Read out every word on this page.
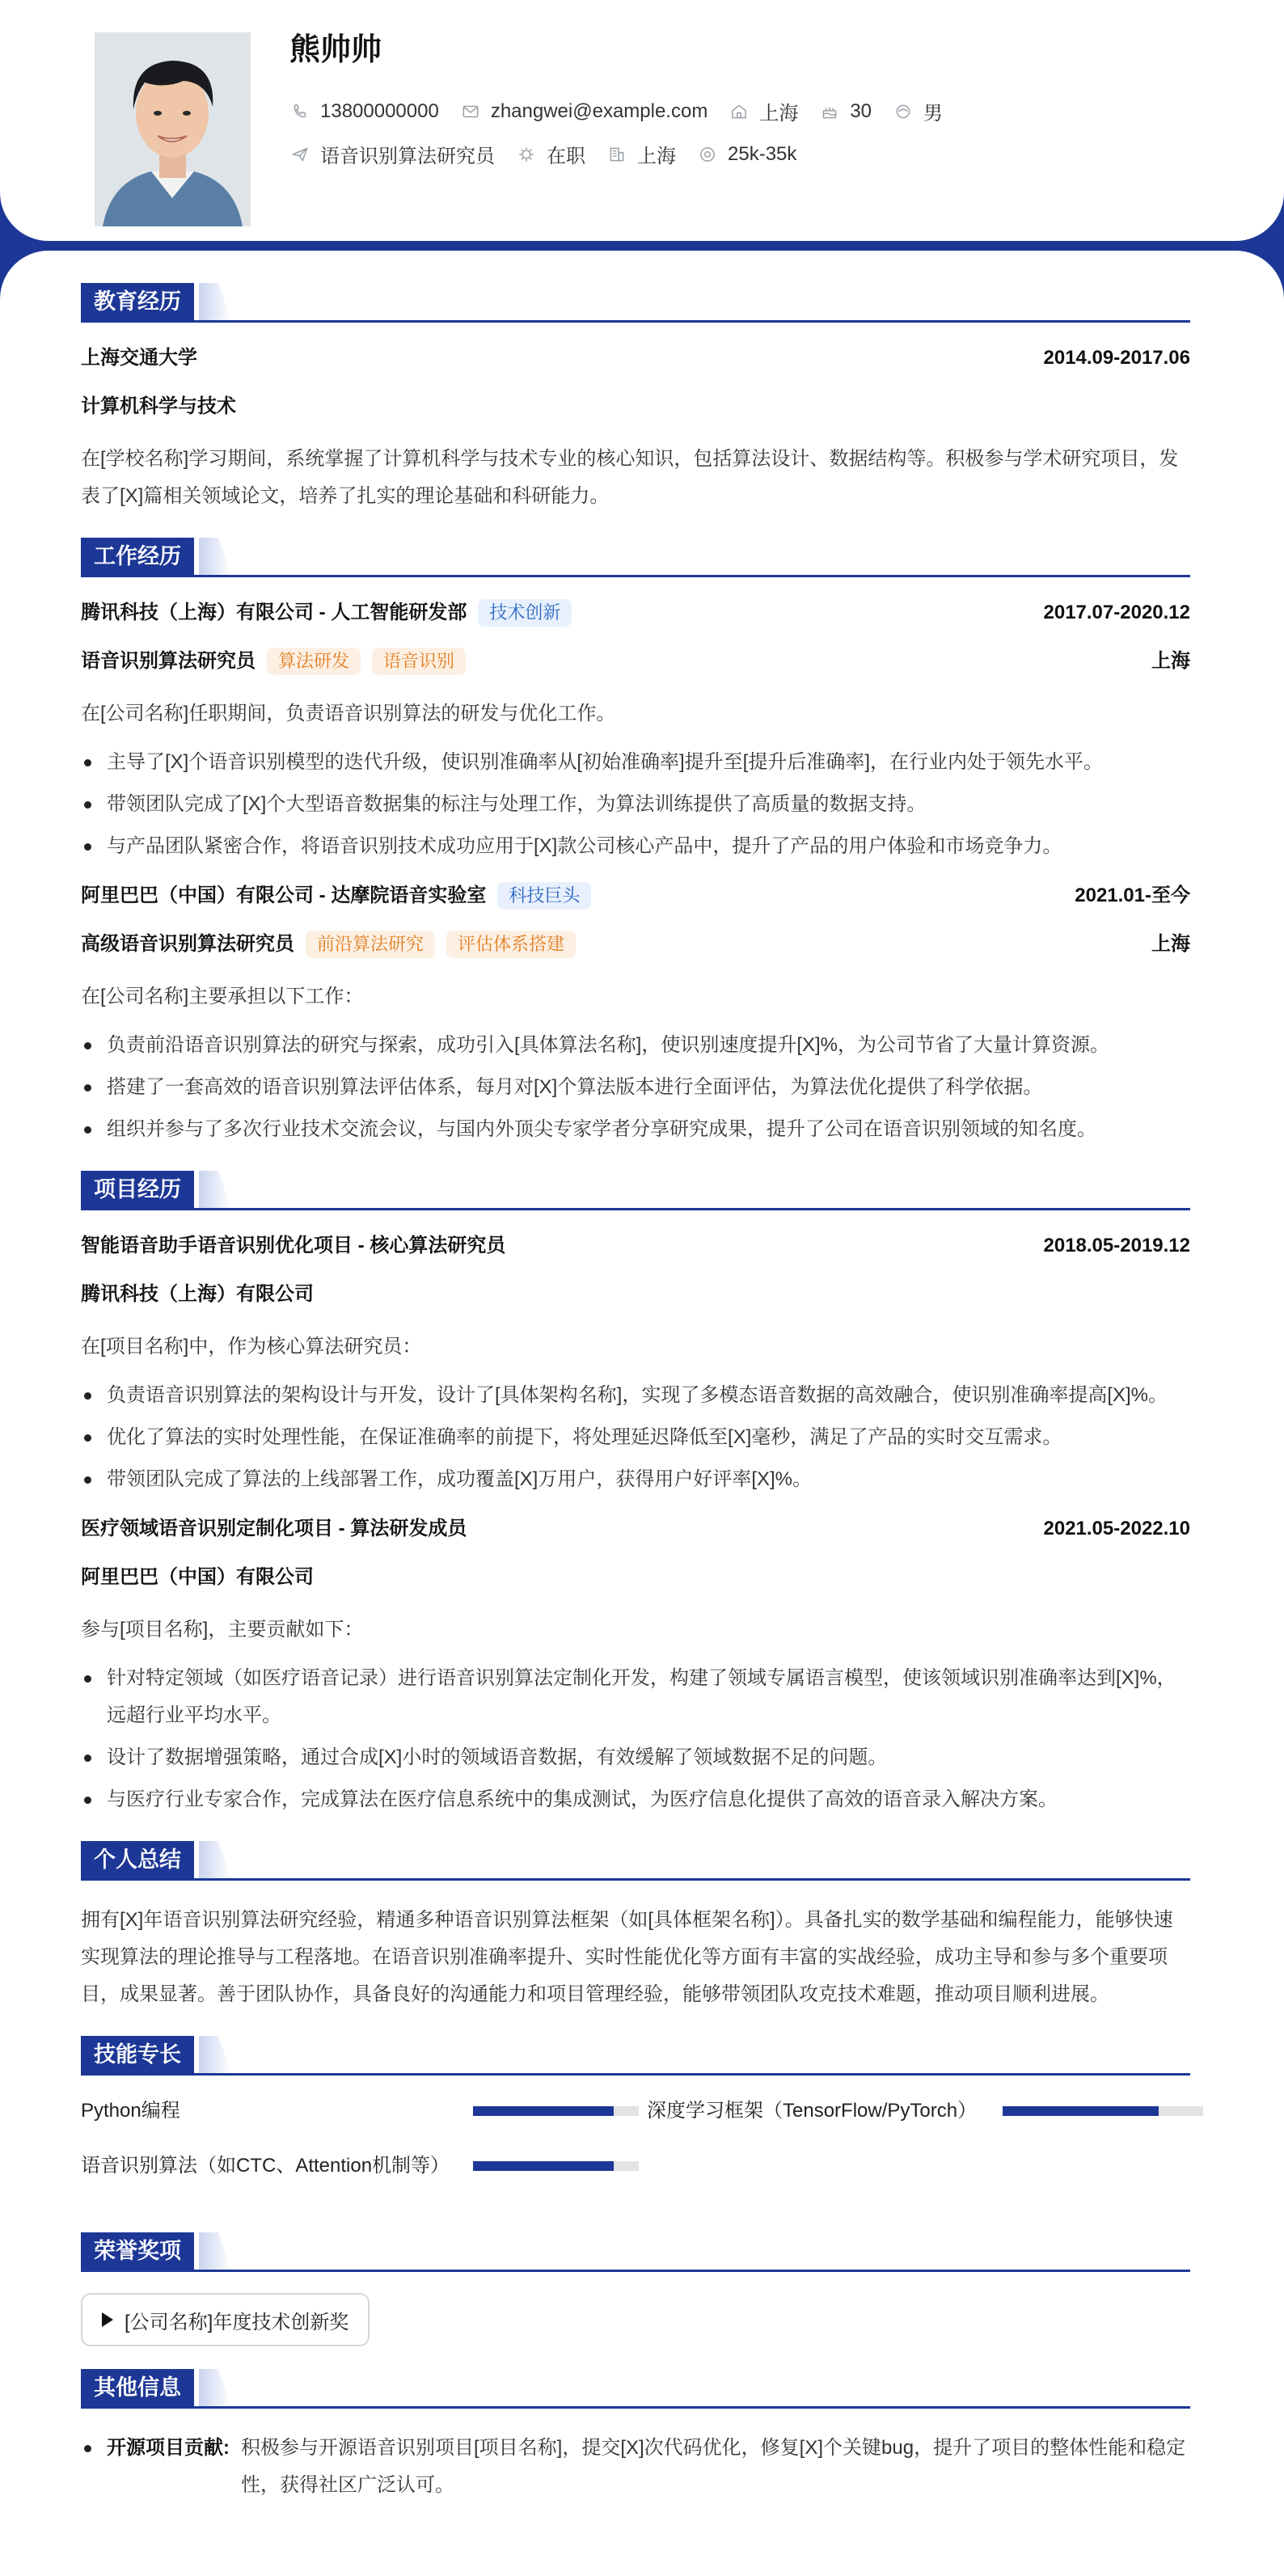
熊帅帅
13800000000	zhangwei@example.com	上海	30	男
语音识别算法研究员	在职	上海	25k-35k
教育经历
上海交通大学	2014.09-2017.06
计算机科学与技术
在[学校名称]学习期间，系统掌握了计算机科学与技术专业的核心知识，包括算法设计、数据结构等。积极参与学术研究项目，发表了[X]篇相关领域论文，培养了扎实的理论基础和科研能力。
工作经历
腾讯科技（上海）有限公司 - 人工智能研发部 技术创新	2017.07-2020.12
语音识别算法研究员 算法研发 语音识别	上海
在[公司名称]任职期间，负责语音识别算法的研发与优化工作。
主导了[X]个语音识别模型的迭代升级，使识别准确率从[初始准确率]提升至[提升后准确率]，在行业内处于领先水平。
带领团队完成了[X]个大型语音数据集的标注与处理工作，为算法训练提供了高质量的数据支持。
与产品团队紧密合作，将语音识别技术成功应用于[X]款公司核心产品中，提升了产品的用户体验和市场竞争力。
阿里巴巴（中国）有限公司 - 达摩院语音实验室 科技巨头	2021.01-至今
高级语音识别算法研究员 前沿算法研究 评估体系搭建	上海
在[公司名称]主要承担以下工作：
负责前沿语音识别算法的研究与探索，成功引入[具体算法名称]，使识别速度提升[X]%，为公司节省了大量计算资源。
搭建了一套高效的语音识别算法评估体系，每月对[X]个算法版本进行全面评估，为算法优化提供了科学依据。
组织并参与了多次行业技术交流会议，与国内外顶尖专家学者分享研究成果，提升了公司在语音识别领域的知名度。
项目经历
智能语音助手语音识别优化项目 - 核心算法研究员	2018.05-2019.12
腾讯科技（上海）有限公司
在[项目名称]中，作为核心算法研究员：
负责语音识别算法的架构设计与开发，设计了[具体架构名称]，实现了多模态语音数据的高效融合，使识别准确率提高[X]%。
优化了算法的实时处理性能，在保证准确率的前提下，将处理延迟降低至[X]毫秒，满足了产品的实时交互需求。
带领团队完成了算法的上线部署工作，成功覆盖[X]万用户，获得用户好评率[X]%。
医疗领域语音识别定制化项目 - 算法研发成员	2021.05-2022.10
阿里巴巴（中国）有限公司
参与[项目名称]，主要贡献如下：
针对特定领域（如医疗语音记录）进行语音识别算法定制化开发，构建了领域专属语言模型，使该领域识别准确率达到[X]%，远超行业平均水平。
设计了数据增强策略，通过合成[X]小时的领域语音数据，有效缓解了领域数据不足的问题。
与医疗行业专家合作，完成算法在医疗信息系统中的集成测试，为医疗信息化提供了高效的语音录入解决方案。
个人总结
拥有[X]年语音识别算法研究经验，精通多种语音识别算法框架（如[具体框架名称]）。具备扎实的数学基础和编程能力，能够快速实现算法的理论推导与工程落地。在语音识别准确率提升、实时性能优化等方面有丰富的实战经验，成功主导和参与多个重要项目，成果显著。善于团队协作，具备良好的沟通能力和项目管理经验，能够带领团队攻克技术难题，推动项目顺利进展。
技能专长
Python编程	深度学习框架（TensorFlow/PyTorch）
语音识别算法（如CTC、Attention机制等）
荣誉奖项
[公司名称]年度技术创新奖
其他信息
开源项目贡献: 积极参与开源语音识别项目[项目名称]，提交[X]次代码优化，修复[X]个关键bug，提升了项目的整体性能和稳定性，获得社区广泛认可。
